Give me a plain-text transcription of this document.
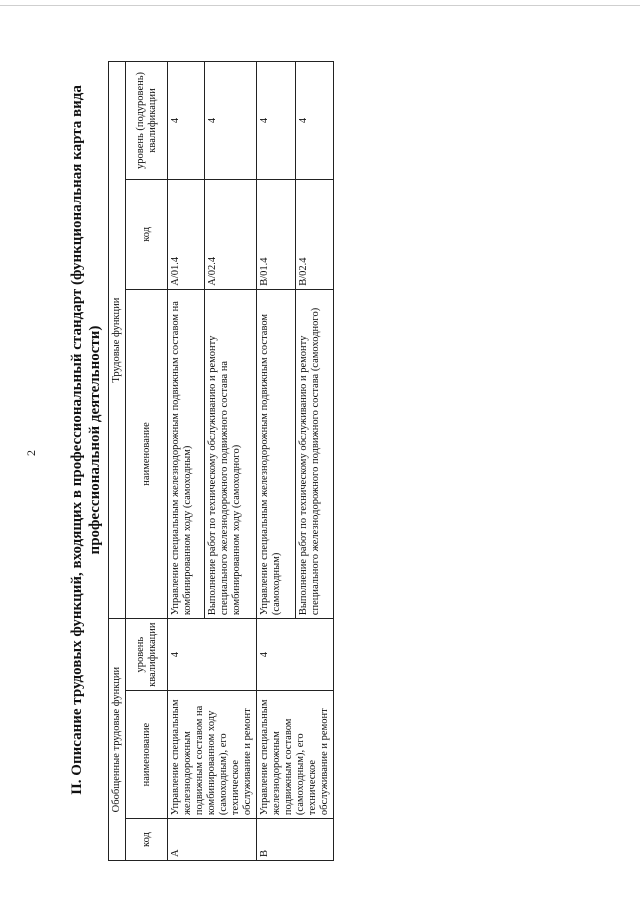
2 II. Описание трудовых функций, входящих в профессиональный стандарт (функциональная карта вида профессиональной деятельности)
Обобщенные трудовые функции			Трудовые функции		
код	наименование	уровень квалификации	наименование	код	уровень (подуровень) квалификации
A	Управление специальным железнодорожным подвижным составом на комбинированном ходу (самоходным), его техническое обслуживание и ремонт	4	Управление специальным железнодорожным подвижным составом на комбинированном ходу (самоходным)	A/01.4	4
			Выполнение работ по техническому обслуживанию и ремонту специального железнодорожного подвижного состава на комбинированном ходу (самоходного)	A/02.4	4
B	Управление специальным железнодорожным подвижным составом (самоходным), его техническое обслуживание и ремонт	4	Управление специальным железнодорожным подвижным составом (самоходным)	B/01.4	4
			Выполнение работ по техническому обслуживанию и ремонту специального железнодорожного подвижного состава (самоходного)	B/02.4	4
